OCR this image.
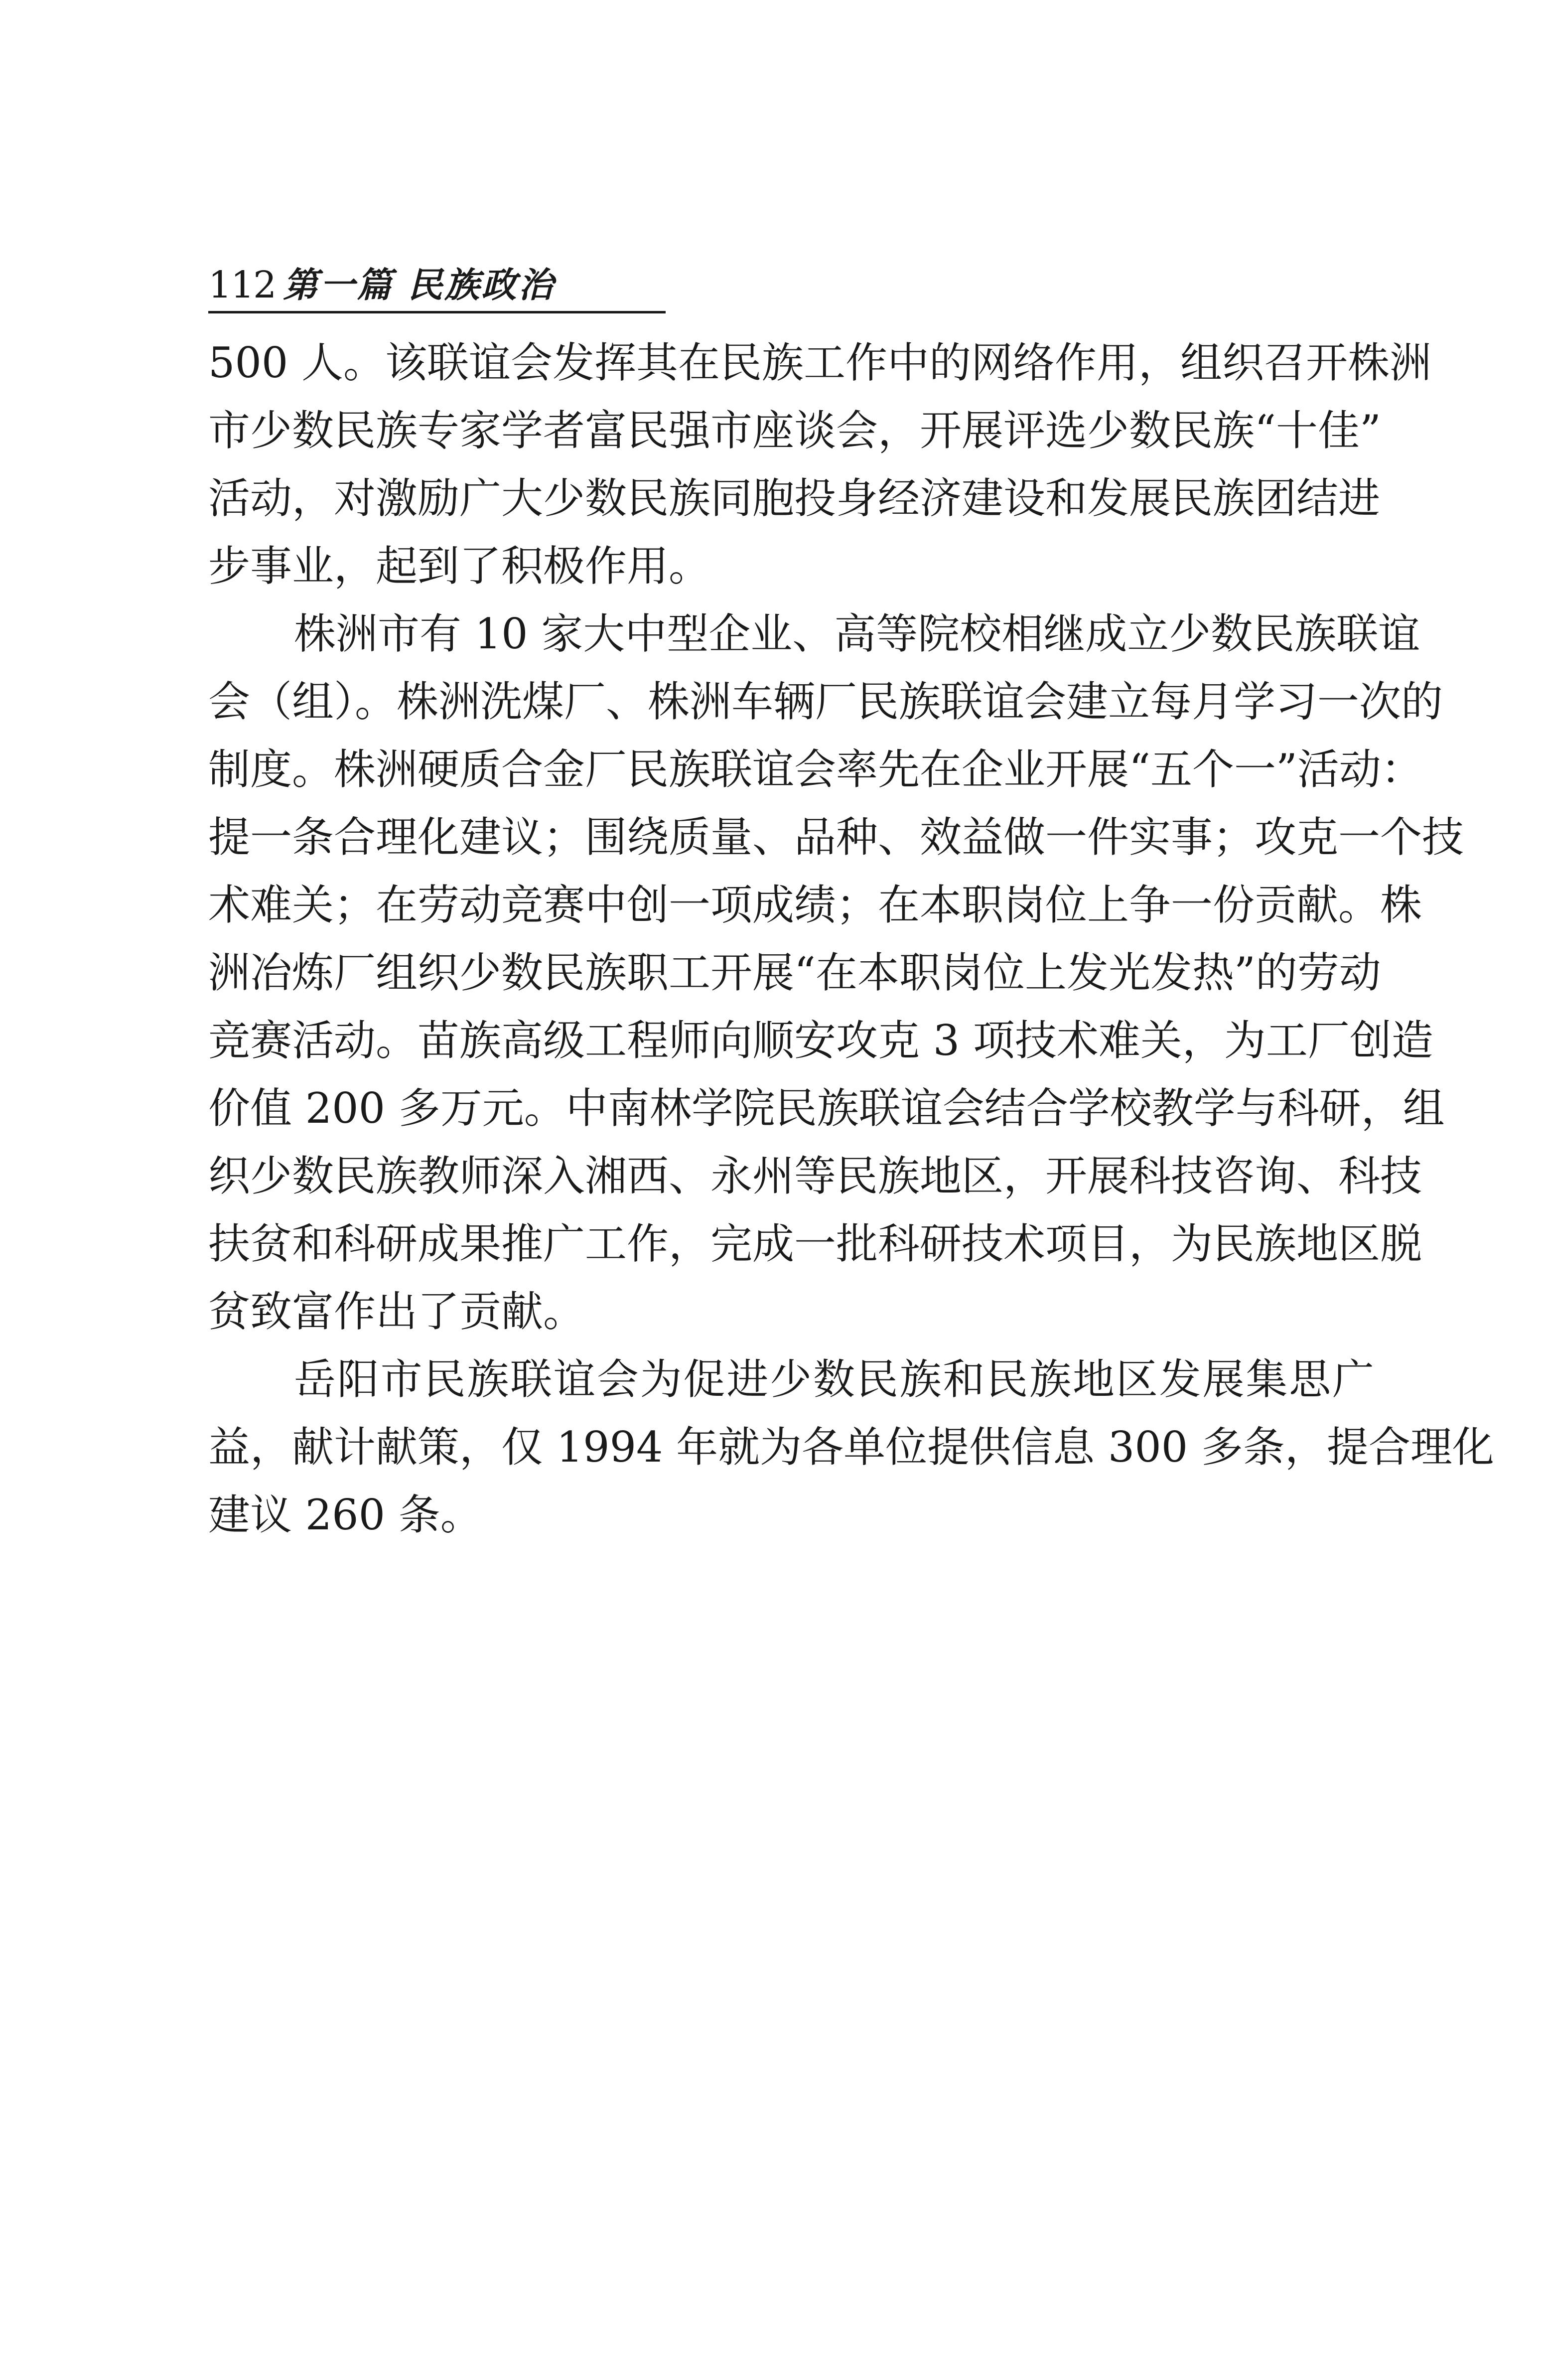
112 第一篇 民族政治
500 人。该联谊会发挥其在民族工作中的网络作用，组织召开株洲
市少数民族专家学者富民强市座谈会，开展评选少数民族“十佳”
活动，对激励广大少数民族同胞投身经济建设和发展民族团结进
步事业，起到了积极作用。
株洲市有 10 家大中型企业、高等院校相继成立少数民族联谊
会（组）。株洲洗煤厂、株洲车辆厂民族联谊会建立每月学习一次的
制度。株洲硬质合金厂民族联谊会率先在企业开展“五个一”活动：
提一条合理化建议；围绕质量、品种、效益做一件实事；攻克一个技
术难关；在劳动竞赛中创一项成绩；在本职岗位上争一份贡献。株
洲冶炼厂组织少数民族职工开展“在本职岗位上发光发热”的劳动
竞赛活动。苗族高级工程师向顺安攻克 3 项技术难关，为工厂创造
价值 200 多万元。中南林学院民族联谊会结合学校教学与科研，组
织少数民族教师深入湘西、永州等民族地区，开展科技咨询、科技
扶贫和科研成果推广工作，完成一批科研技术项目，为民族地区脱
贫致富作出了贡献。
岳阳市民族联谊会为促进少数民族和民族地区发展集思广
益，献计献策，仅 1994 年就为各单位提供信息 300 多条，提合理化
建议 260 条。
